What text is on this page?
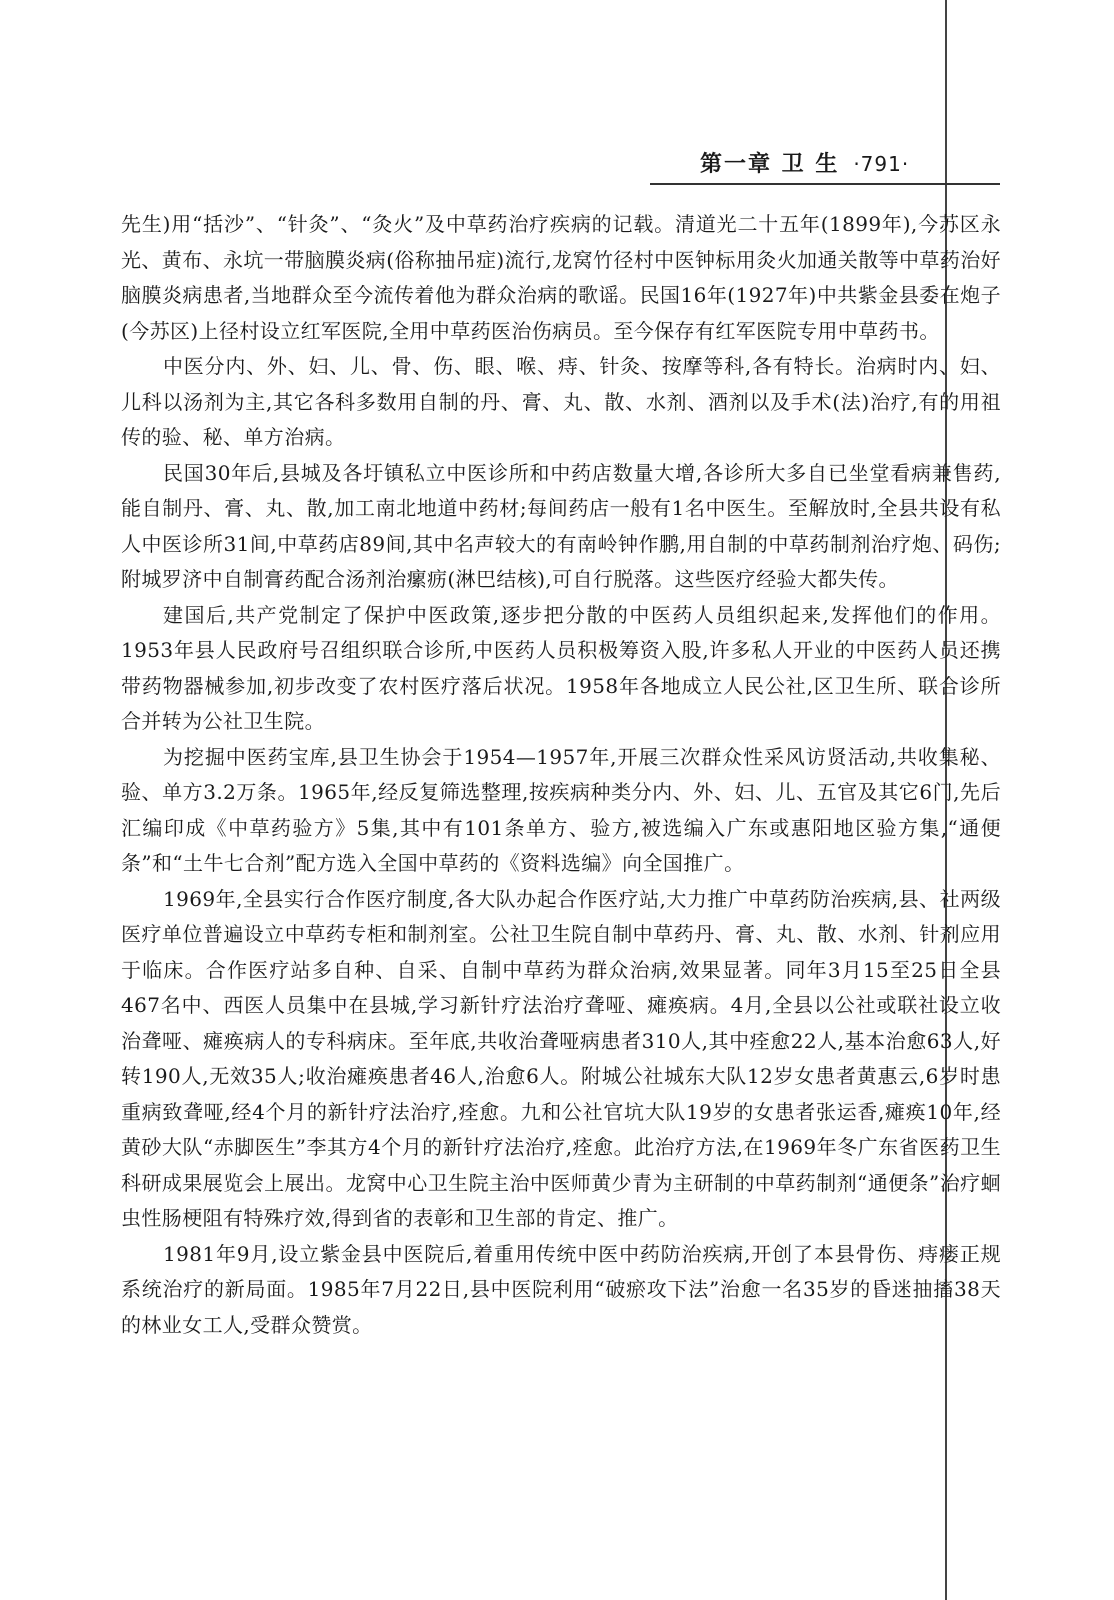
第一章 卫 生 ·791·

先生)用“括沙”、“针灸”、“灸火”及中草药治疗疾病的记载。清道光二十五年(1899年),今苏区永光、黄布、永坑一带脑膜炎病(俗称抽吊症)流行,龙窝竹径村中医钟标用灸火加通关散等中草药治好脑膜炎病患者,当地群众至今流传着他为群众治病的歌谣。民国16年(1927年)中共紫金县委在炮子(今苏区)上径村设立红军医院,全用中草药医治伤病员。至今保存有红军医院专用中草药书。

中医分内、外、妇、儿、骨、伤、眼、喉、痔、针灸、按摩等科,各有特长。治病时内、妇、儿科以汤剂为主,其它各科多数用自制的丹、膏、丸、散、水剂、酒剂以及手术(法)治疗,有的用祖传的验、秘、单方治病。

民国30年后,县城及各圩镇私立中医诊所和中药店数量大增,各诊所大多自已坐堂看病兼售药,能自制丹、膏、丸、散,加工南北地道中药材;每间药店一般有1名中医生。至解放时,全县共设有私人中医诊所31间,中草药店89间,其中名声较大的有南岭钟作鹏,用自制的中草药制剂治疗炮、码伤;附城罗济中自制膏药配合汤剂治瘰疬(淋巴结核),可自行脱落。这些医疗经验大都失传。

建国后,共产党制定了保护中医政策,逐步把分散的中医药人员组织起来,发挥他们的作用。1953年县人民政府号召组织联合诊所,中医药人员积极筹资入股,许多私人开业的中医药人员还携带药物器械参加,初步改变了农村医疗落后状况。1958年各地成立人民公社,区卫生所、联合诊所合并转为公社卫生院。

为挖掘中医药宝库,县卫生协会于1954—1957年,开展三次群众性采风访贤活动,共收集秘、验、单方3.2万条。1965年,经反复筛选整理,按疾病种类分内、外、妇、儿、五官及其它6门,先后汇编印成《中草药验方》5集,其中有101条单方、验方,被选编入广东或惠阳地区验方集,“通便条”和“土牛七合剂”配方选入全国中草药的《资料选编》向全国推广。

1969年,全县实行合作医疗制度,各大队办起合作医疗站,大力推广中草药防治疾病,县、社两级医疗单位普遍设立中草药专柜和制剂室。公社卫生院自制中草药丹、膏、丸、散、水剂、针剂应用于临床。合作医疗站多自种、自采、自制中草药为群众治病,效果显著。同年3月15至25日全县467名中、西医人员集中在县城,学习新针疗法治疗聋哑、瘫痪病。4月,全县以公社或联社设立收治聋哑、瘫痪病人的专科病床。至年底,共收治聋哑病患者310人,其中痊愈22人,基本治愈63人,好转190人,无效35人;收治瘫痪患者46人,治愈6人。附城公社城东大队12岁女患者黄惠云,6岁时患重病致聋哑,经4个月的新针疗法治疗,痊愈。九和公社官坑大队19岁的女患者张运香,瘫痪10年,经黄砂大队“赤脚医生”李其方4个月的新针疗法治疗,痊愈。此治疗方法,在1969年冬广东省医药卫生科研成果展览会上展出。龙窝中心卫生院主治中医师黄少青为主研制的中草药制剂“通便条”治疗蛔虫性肠梗阻有特殊疗效,得到省的表彰和卫生部的肯定、推广。

1981年9月,设立紫金县中医院后,着重用传统中医中药防治疾病,开创了本县骨伤、痔瘘正规系统治疗的新局面。1985年7月22日,县中医院利用“破瘀攻下法”治愈一名35岁的昏迷抽搐38天的林业女工人,受群众赞赏。
